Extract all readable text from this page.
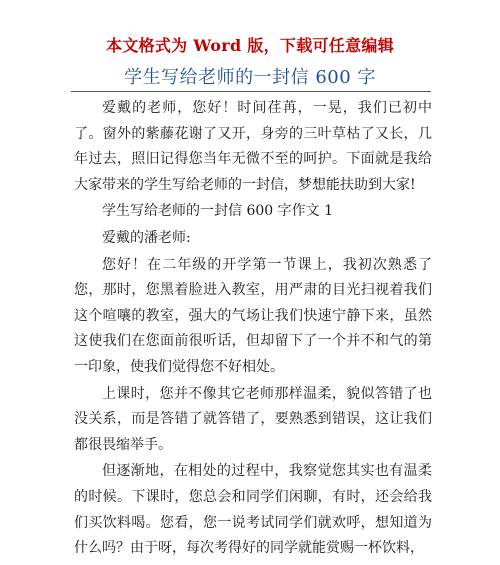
本文格式为 Word 版，下载可任意编辑
学生写给老师的一封信 600 字

爱戴的老师，您好！时间荏苒，一晃，我们已初中了。窗外的紫藤花谢了又开，身旁的三叶草枯了又长，几年过去，照旧记得您当年无微不至的呵护。下面就是我给大家带来的学生写给老师的一封信，梦想能扶助到大家!

学生写给老师的一封信 600 字作文 1

爱戴的潘老师:

您好！在二年级的开学第一节课上，我初次熟悉了您，那时，您黑着脸进入教室，用严肃的目光扫视着我们这个喧嚷的教室，强大的气场让我们快速宁静下来，虽然这使我们在您面前很听话，但却留下了一个并不和气的第一印象，使我们觉得您不好相处。

上课时，您并不像其它老师那样温柔，貌似答错了也没关系，而是答错了就答错了，要熟悉到错误，这让我们都很畏缩举手。

但逐渐地，在相处的过程中，我察觉您其实也有温柔的时候。下课时，您总会和同学们闲聊，有时，还会给我们买饮料喝。您看，您一说考试同学们就欢呼，想知道为什么吗？由于呀，每次考得好的同学就能赏赐一杯饮料，
